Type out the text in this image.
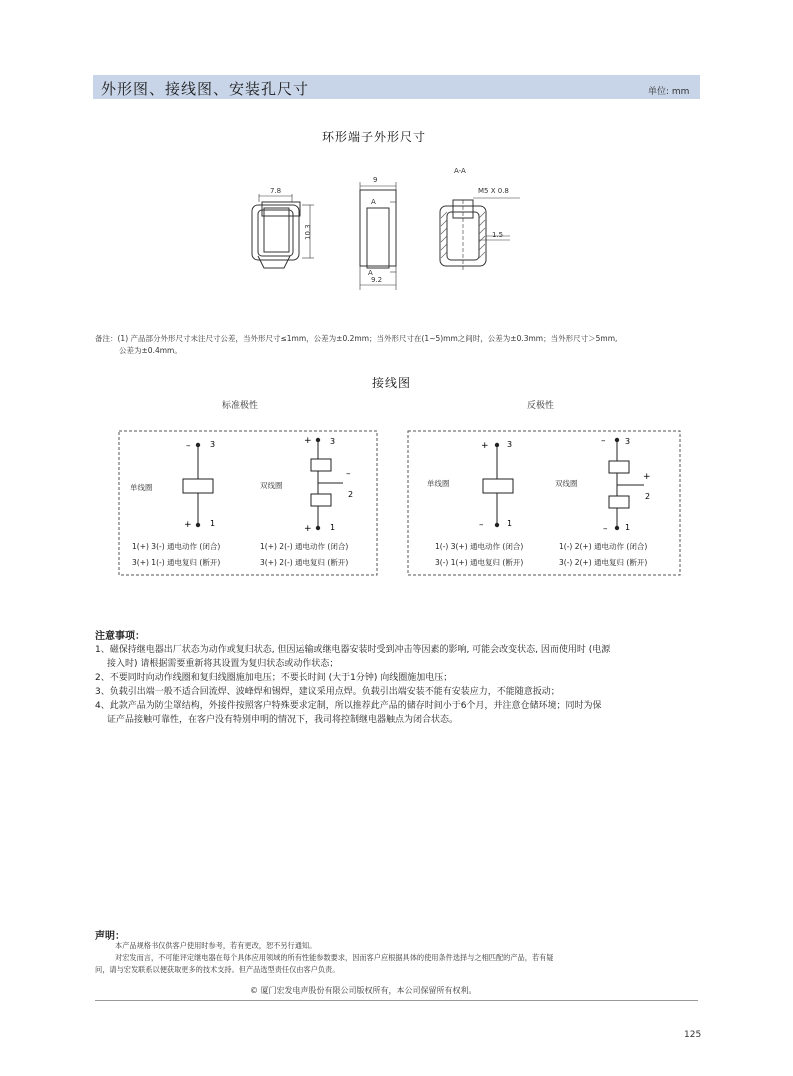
外形图、接线图、安装孔尺寸	单位: mm
环形端子外形尺寸
7.8
10.3
9
A
A
9.2
A-A
M5 X 0.8
1.5
备注：(1) 产品部分外形尺寸未注尺寸公差，当外形尺寸≤1mm，公差为±0.2mm；当外形尺寸在(1~5)mm之间时，公差为±0.3mm；当外形尺寸＞5mm,
公差为±0.4mm。
接线图
标准极性	反极性
– 3
+ 1
单线圈
+ 3
–
2
+ 1
双线圈
1(+) 3(-) 通电动作 (闭合)
3(+) 1(-) 通电复归 (断开)
1(+) 2(-) 通电动作 (闭合)
3(+) 2(-) 通电复归 (断开)
+ 3
–	1
单线圈
– 3
+
2
– 1
双线圈
1(-) 3(+) 通电动作 (闭合)
3(-) 1(+) 通电复归 (断开)
1(-) 2(+) 通电动作 (闭合)
3(-) 2(+) 通电复归 (断开)
注意事项：
1、磁保持继电器出厂状态为动作或复归状态, 但因运输或继电器安装时受到冲击等因素的影响, 可能会改变状态, 因而使用时 (电源
接入时) 请根据需要重新将其设置为复归状态或动作状态；
2、不要同时向动作线圈和复归线圈施加电压；不要长时间 (大于1分钟) 向线圈施加电压；
3、负载引出端一般不适合回流焊、波峰焊和锡焊，建议采用点焊。负载引出端安装不能有安装应力，不能随意扳动；
4、此款产品为防尘罩结构，外接件按照客户特殊要求定制，所以推荐此产品的储存时间小于6个月，并注意仓储环境；同时为保
证产品接触可靠性，在客户没有特别申明的情况下，我司将控制继电器触点为闭合状态。
声明：
本产品规格书仅供客户使用时参考，若有更改，恕不另行通知。
对宏发而言，不可能评定继电器在每个具体应用领域的所有性能参数要求，因而客户应根据具体的使用条件选择与之相匹配的产品，若有疑
问，请与宏发联系以便获取更多的技术支持。但产品选型责任仅由客户负责。
© 厦门宏发电声股份有限公司版权所有，本公司保留所有权利。
125
